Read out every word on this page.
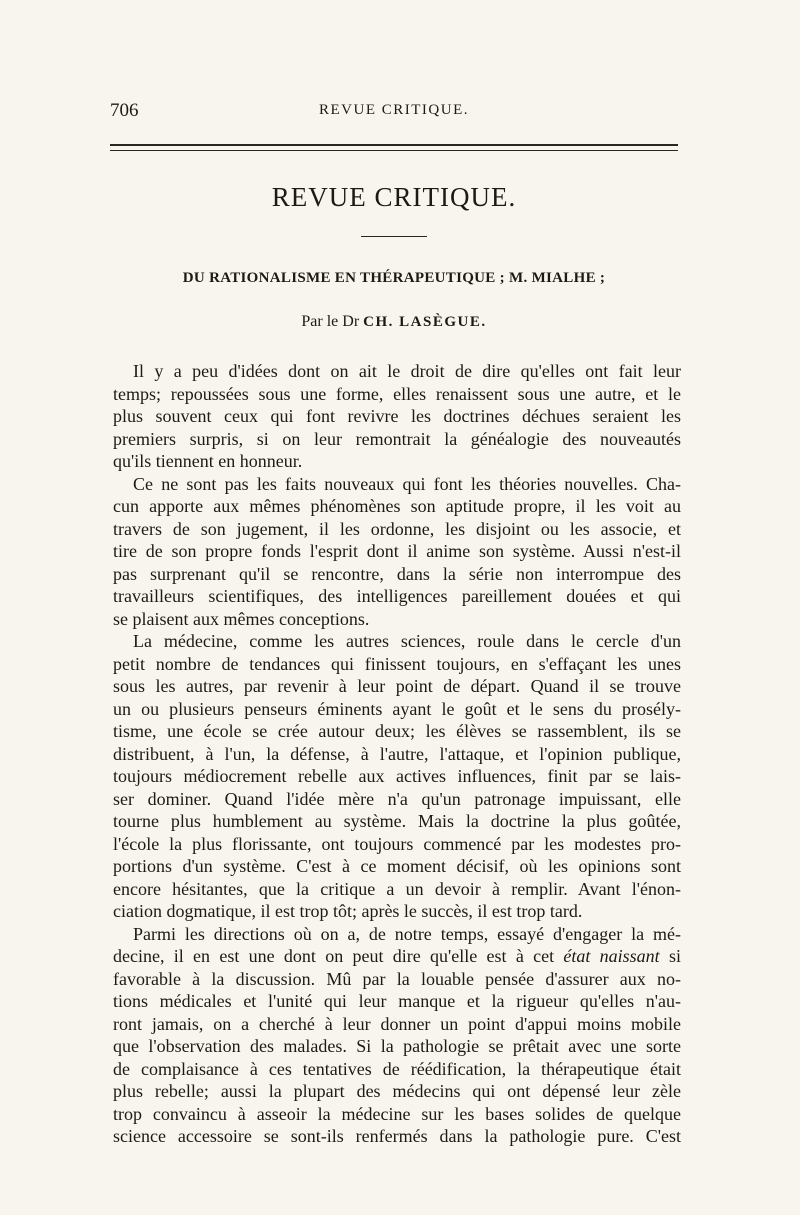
706	REVUE CRITIQUE.
REVUE CRITIQUE.
DU RATIONALISME EN THÉRAPEUTIQUE ; M. MIALHE ;
Par le Dr CH. LASÈGUE.

Il y a peu d'idées dont on ait le droit de dire qu'elles ont fait leur
temps; repoussées sous une forme, elles renaissent sous une autre, et le
plus souvent ceux qui font revivre les doctrines déchues seraient les
premiers surpris, si on leur remontrait la généalogie des nouveautés
qu'ils tiennent en honneur.

Ce ne sont pas les faits nouveaux qui font les théories nouvelles. Cha-
cun apporte aux mêmes phénomènes son aptitude propre, il les voit au
travers de son jugement, il les ordonne, les disjoint ou les associe, et
tire de son propre fonds l'esprit dont il anime son système. Aussi n'est-il
pas surprenant qu'il se rencontre, dans la série non interrompue des
travailleurs scientifiques, des intelligences pareillement douées et qui
se plaisent aux mêmes conceptions.

La médecine, comme les autres sciences, roule dans le cercle d'un
petit nombre de tendances qui finissent toujours, en s'effaçant les unes
sous les autres, par revenir à leur point de départ. Quand il se trouve
un ou plusieurs penseurs éminents ayant le goût et le sens du prosély-
tisme, une école se crée autour deux; les élèves se rassemblent, ils se
distribuent, à l'un, la défense, à l'autre, l'attaque, et l'opinion publique,
toujours médiocrement rebelle aux actives influences, finit par se lais-
ser dominer. Quand l'idée mère n'a qu'un patronage impuissant, elle
tourne plus humblement au système. Mais la doctrine la plus goûtée,
l'école la plus florissante, ont toujours commencé par les modestes pro-
portions d'un système. C'est à ce moment décisif, où les opinions sont
encore hésitantes, que la critique a un devoir à remplir. Avant l'énon-
ciation dogmatique, il est trop tôt; après le succès, il est trop tard.

Parmi les directions où on a, de notre temps, essayé d'engager la mé-
decine, il en est une dont on peut dire qu'elle est à cet état naissant si
favorable à la discussion. Mû par la louable pensée d'assurer aux no-
tions médicales et l'unité qui leur manque et la rigueur qu'elles n'au-
ront jamais, on a cherché à leur donner un point d'appui moins mobile
que l'observation des malades. Si la pathologie se prêtait avec une sorte
de complaisance à ces tentatives de réédification, la thérapeutique était
plus rebelle; aussi la plupart des médecins qui ont dépensé leur zèle
trop convaincu à asseoir la médecine sur les bases solides de quelque
science accessoire se sont-ils renfermés dans la pathologie pure. C'est
